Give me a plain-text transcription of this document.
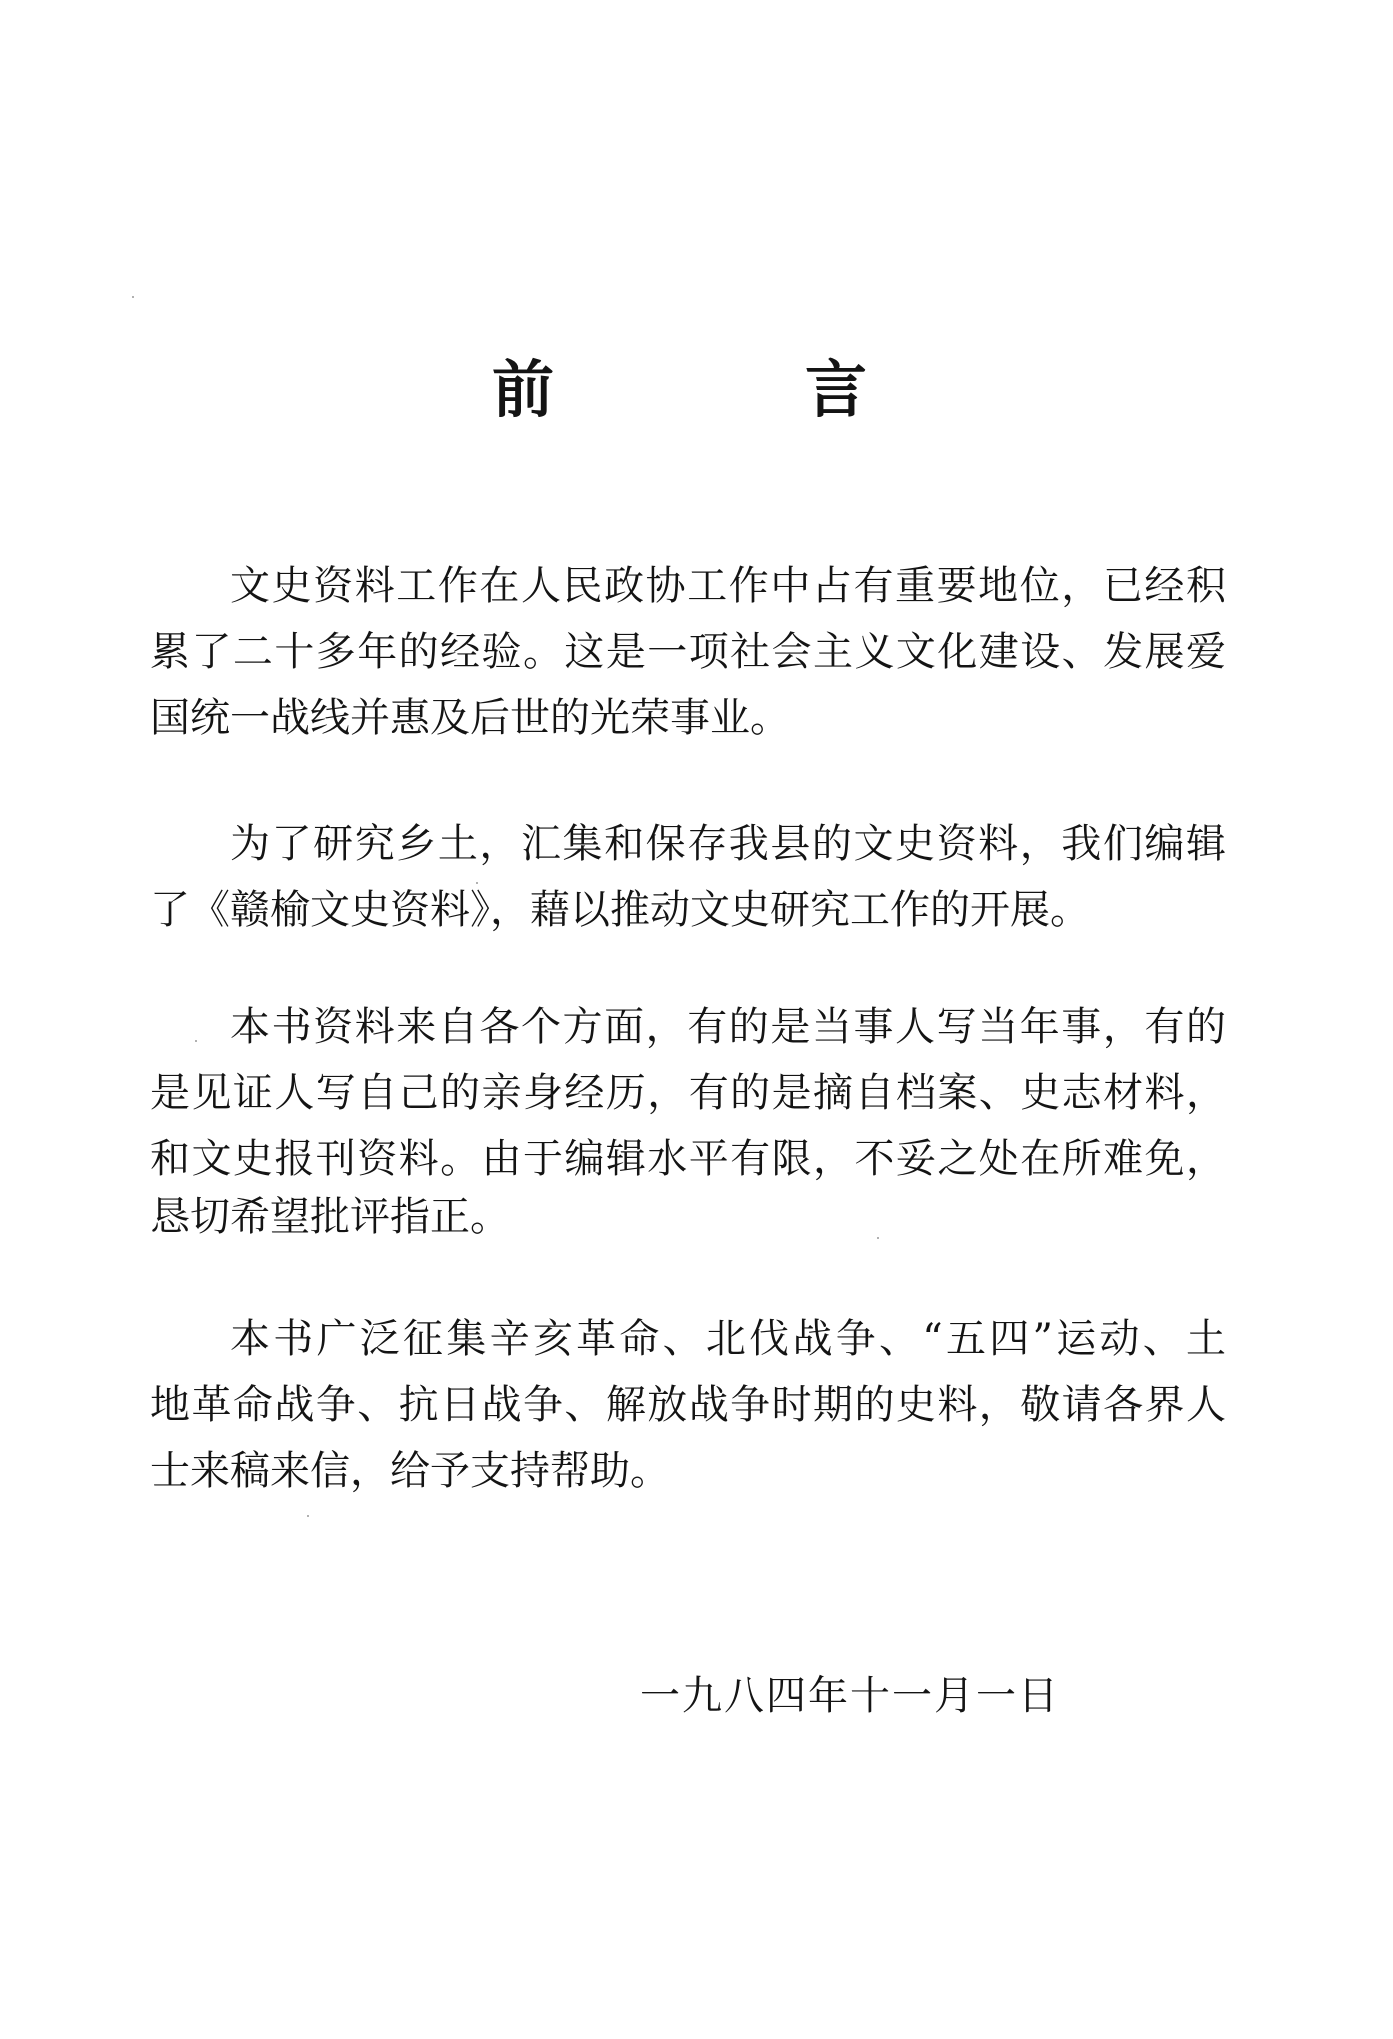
前	言
文史资料工作在人民政协工作中占有重要地位，已经积
累了二十多年的经验。这是一项社会主义文化建设、发展爱
国统一战线并惠及后世的光荣事业。
为了研究乡土，汇集和保存我县的文史资料，我们编辑
了《赣榆文史资料》，藉以推动文史研究工作的开展。
本书资料来自各个方面，有的是当事人写当年事，有的
是见证人写自己的亲身经历，有的是摘自档案、史志材料，
和文史报刊资料。由于编辑水平有限，不妥之处在所难免，
恳切希望批评指正。
本书广泛征集辛亥革命、北伐战争、“五四”运动、土
地革命战争、抗日战争、解放战争时期的史料，敬请各界人
士来稿来信，给予支持帮助。
一九八四年十一月一日
